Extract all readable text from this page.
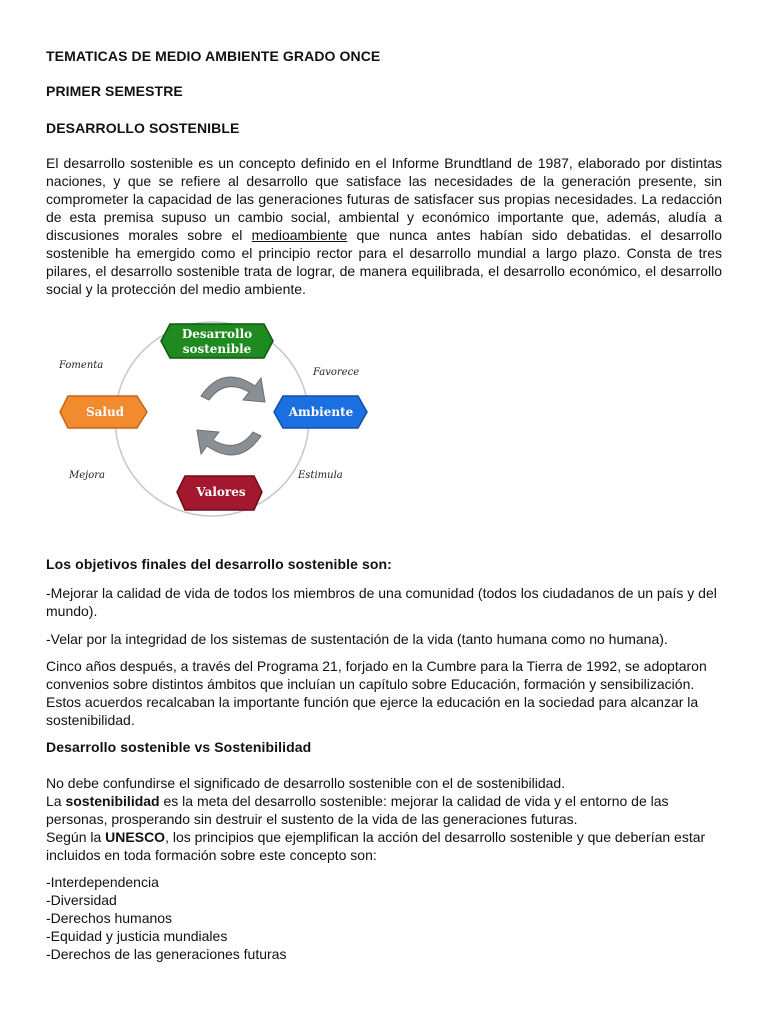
TEMATICAS DE MEDIO AMBIENTE GRADO ONCE
PRIMER SEMESTRE
DESARROLLO SOSTENIBLE
El desarrollo sostenible es un concepto definido en el Informe Brundtland de 1987, elaborado por distintas naciones, y que se refiere al desarrollo que satisface las necesidades de la generación presente, sin comprometer la capacidad de las generaciones futuras de satisfacer sus propias necesidades. La redacción de esta premisa supuso un cambio social, ambiental y económico importante que, además, aludía a discusiones morales sobre el medioambiente que nunca antes habían sido debatidas. el desarrollo sostenible ha emergido como el principio rector para el desarrollo mundial a largo plazo. Consta de tres pilares, el desarrollo sostenible trata de lograr, de manera equilibrada, el desarrollo económico, el desarrollo social y la protección del medio ambiente.
Desarrollo
sostenible
Salud	Ambiente
Valores
Fomenta
Favorece
Mejora	Estimula
Los objetivos finales del desarrollo sostenible son:
-Mejorar la calidad de vida de todos los miembros de una comunidad (todos los ciudadanos de un país y del mundo).
-Velar por la integridad de los sistemas de sustentación de la vida (tanto humana como no humana).
Cinco años después, a través del Programa 21, forjado en la Cumbre para la Tierra de 1992, se adoptaron convenios sobre distintos ámbitos que incluían un capítulo sobre Educación, formación y sensibilización. Estos acuerdos recalcaban la importante función que ejerce la educación en la sociedad para alcanzar la sostenibilidad.
Desarrollo sostenible vs Sostenibilidad
No debe confundirse el significado de desarrollo sostenible con el de sostenibilidad.
La sostenibilidad es la meta del desarrollo sostenible: mejorar la calidad de vida y el entorno de las personas, prosperando sin destruir el sustento de la vida de las generaciones futuras.
Según la UNESCO, los principios que ejemplifican la acción del desarrollo sostenible y que deberían estar incluidos en toda formación sobre este concepto son:
-Interdependencia
-Diversidad
-Derechos humanos
-Equidad y justicia mundiales
-Derechos de las generaciones futuras
